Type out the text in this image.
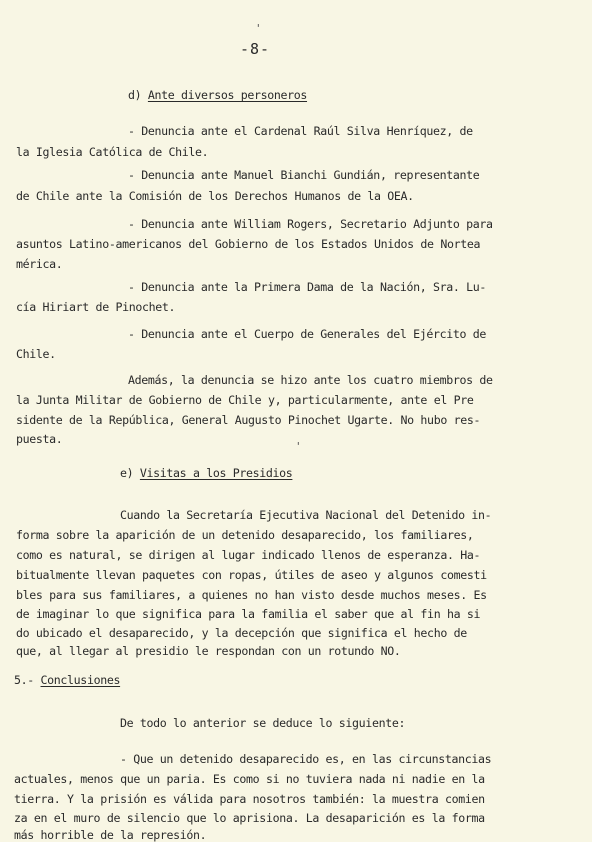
'
-8-
d) Ante diversos personeros
- Denuncia ante el Cardenal Raúl Silva Henríquez, de
la Iglesia Católica de Chile.
- Denuncia ante Manuel Bianchi Gundián, representante
de Chile ante la Comisión de los Derechos Humanos de la OEA.
- Denuncia ante William Rogers, Secretario Adjunto para
asuntos Latino-americanos del Gobierno de los Estados Unidos de Nortea
mérica.
- Denuncia ante la Primera Dama de la Nación, Sra. Lu-
cía Hiriart de Pinochet.
- Denuncia ante el Cuerpo de Generales del Ejército de
Chile.
Además, la denuncia se hizo ante los cuatro miembros de
la Junta Militar de Gobierno de Chile y, particularmente, ante el Pre
sidente de la República, General Augusto Pinochet Ugarte. No hubo res-
puesta.
'
e) Visitas a los Presidios
Cuando la Secretaría Ejecutiva Nacional del Detenido in-
forma sobre la aparición de un detenido desaparecido, los familiares,
como es natural, se dirigen al lugar indicado llenos de esperanza. Ha-
bitualmente llevan paquetes con ropas, útiles de aseo y algunos comesti
bles para sus familiares, a quienes no han visto desde muchos meses. Es
de imaginar lo que significa para la familia el saber que al fin ha si
do ubicado el desaparecido, y la decepción que significa el hecho de
que, al llegar al presidio le respondan con un rotundo NO.
5.- Conclusiones
De todo lo anterior se deduce lo siguiente:
- Que un detenido desaparecido es, en las circunstancias
actuales, menos que un paria. Es como si no tuviera nada ni nadie en la
tierra. Y la prisión es válida para nosotros también: la muestra comien
za en el muro de silencio que lo aprisiona. La desaparición es la forma
más horrible de la represión.
